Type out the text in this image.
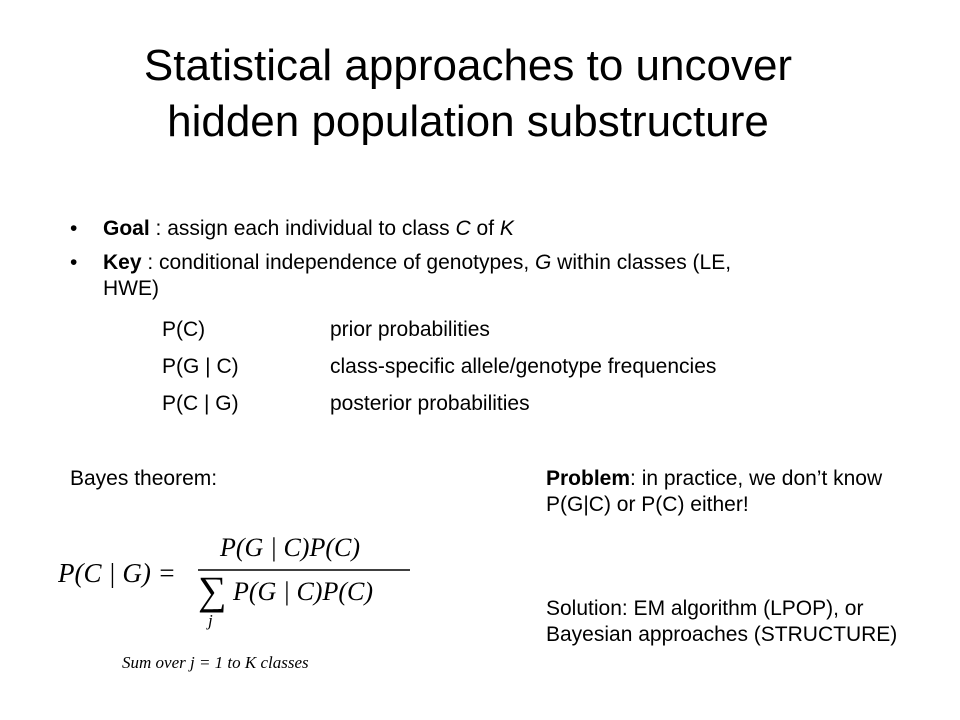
Statistical approaches to uncover
hidden population substructure
• Goal : assign each individual to class C of K
• Key : conditional independence of genotypes, G within classes (LE,
HWE)
P(C)	prior probabilities
P(G | C)	class-specific allele/genotype frequencies
P(C | G)	posterior probabilities
Bayes theorem:
P(C | G) =
P(G | C)P(C)
∑
j
P(G | C)P(C)
Sum over j = 1 to K classes
Problem: in practice, we don’t know P(G|C) or P(C) either!
Solution: EM algorithm (LPOP), or Bayesian approaches (STRUCTURE)
